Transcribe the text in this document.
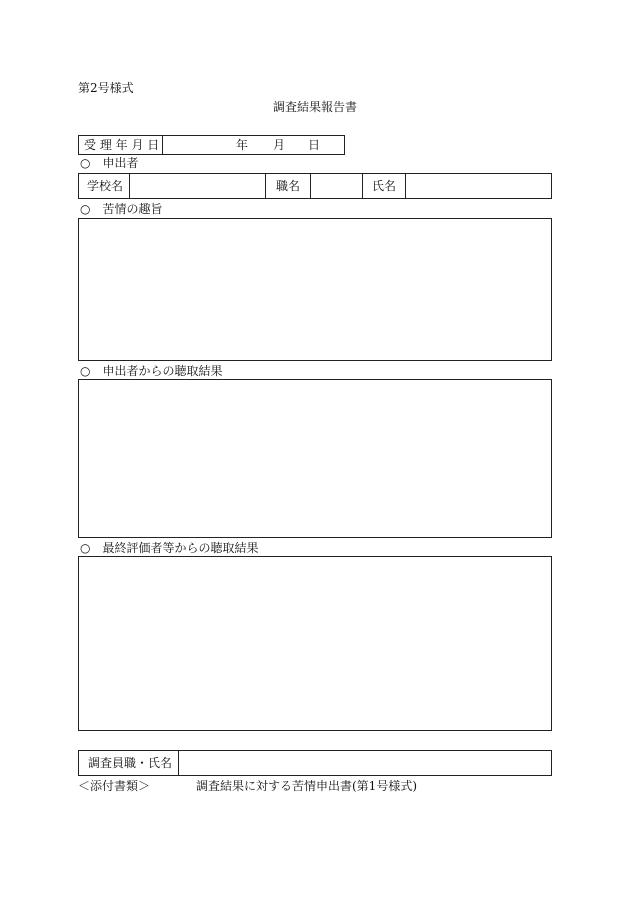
第2号様式
調査結果報告書
受 理 年 月 日	年 月 日
○　申出者
学校名	職名	氏名
○　苦情の趣旨
○　申出者からの聴取結果
○　最終評価者等からの聴取結果
調査員職・氏名
＜添付書類＞	調査結果に対する苦情申出書(第1号様式)
